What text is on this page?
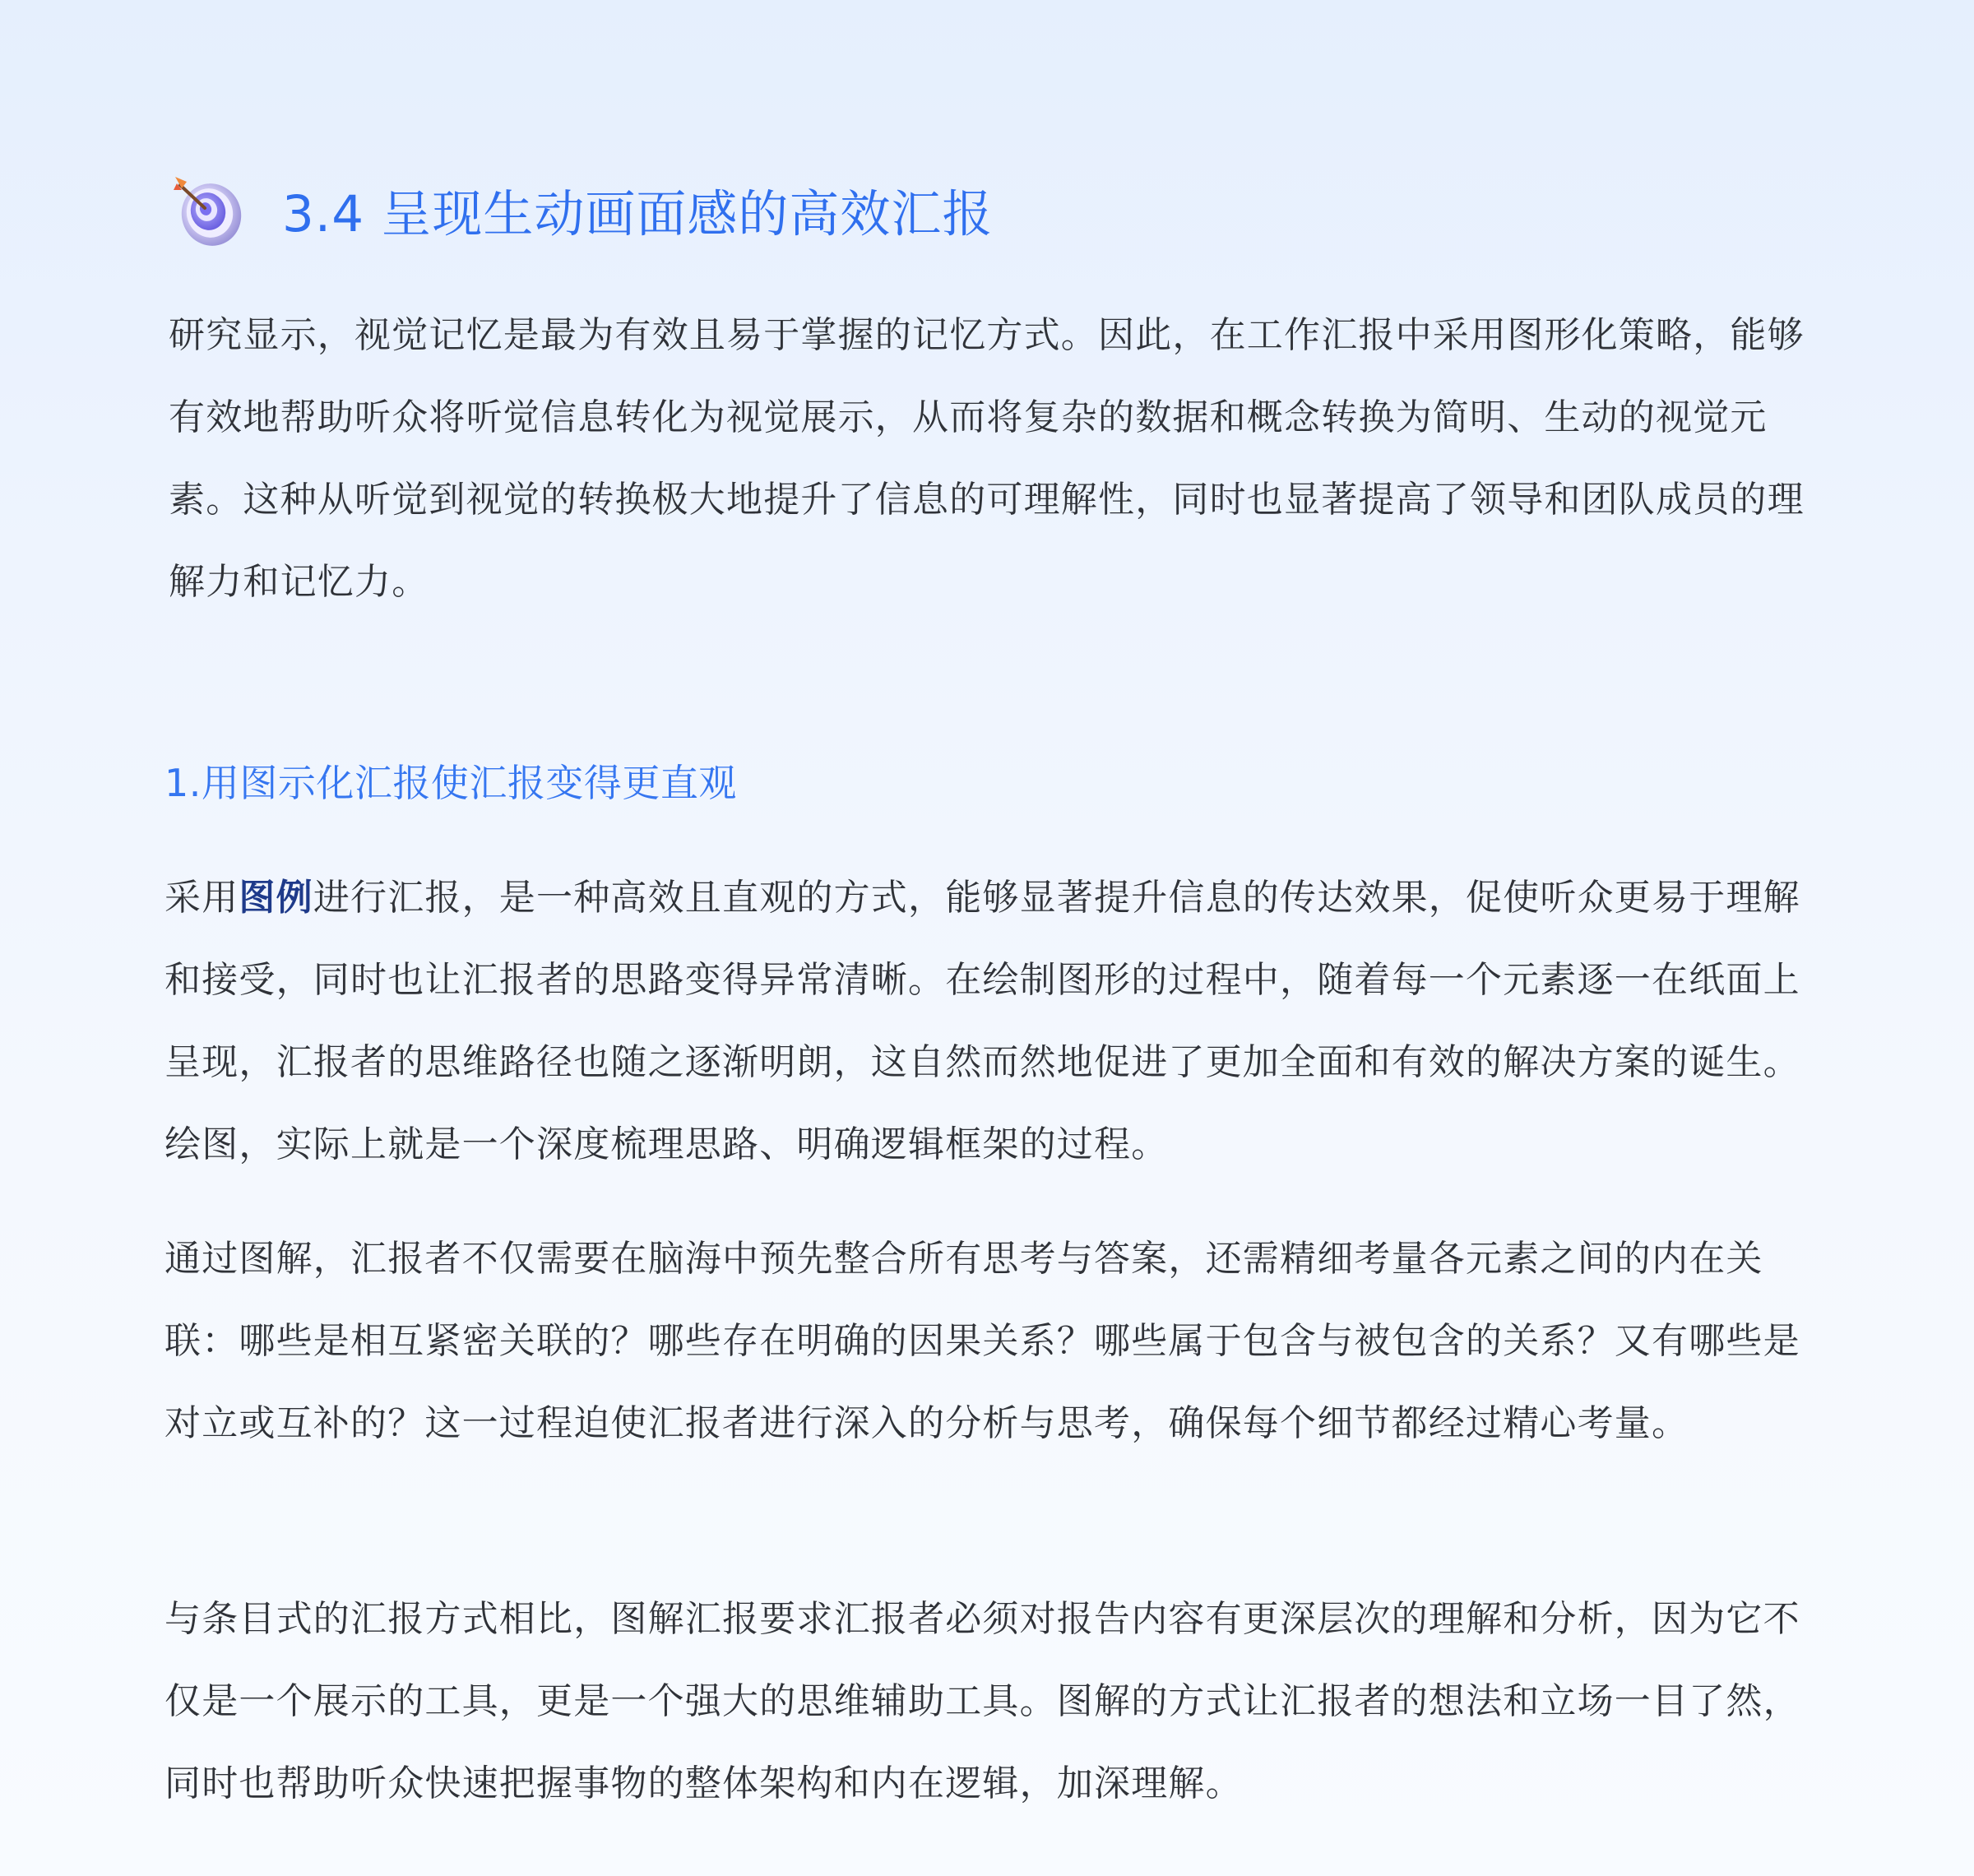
3.4 呈现生动画面感的高效汇报

研究显示，视觉记忆是最为有效且易于掌握的记忆方式。因此，在工作汇报中采用图形化策略，能够有效地帮助听众将听觉信息转化为视觉展示，从而将复杂的数据和概念转换为简明、生动的视觉元素。这种从听觉到视觉的转换极大地提升了信息的可理解性，同时也显著提高了领导和团队成员的理解力和记忆力。

1.用图示化汇报使汇报变得更直观

采用图例进行汇报，是一种高效且直观的方式，能够显著提升信息的传达效果，促使听众更易于理解和接受，同时也让汇报者的思路变得异常清晰。在绘制图形的过程中，随着每一个元素逐一在纸面上呈现，汇报者的思维路径也随之逐渐明朗，这自然而然地促进了更加全面和有效的解决方案的诞生。绘图，实际上就是一个深度梳理思路、明确逻辑框架的过程。

通过图解，汇报者不仅需要在脑海中预先整合所有思考与答案，还需精细考量各元素之间的内在关联：哪些是相互紧密关联的？哪些存在明确的因果关系？哪些属于包含与被包含的关系？又有哪些是对立或互补的？这一过程迫使汇报者进行深入的分析与思考，确保每个细节都经过精心考量。

与条目式的汇报方式相比，图解汇报要求汇报者必须对报告内容有更深层次的理解和分析，因为它不仅是一个展示的工具，更是一个强大的思维辅助工具。图解的方式让汇报者的想法和立场一目了然，同时也帮助听众快速把握事物的整体架构和内在逻辑，加深理解。
